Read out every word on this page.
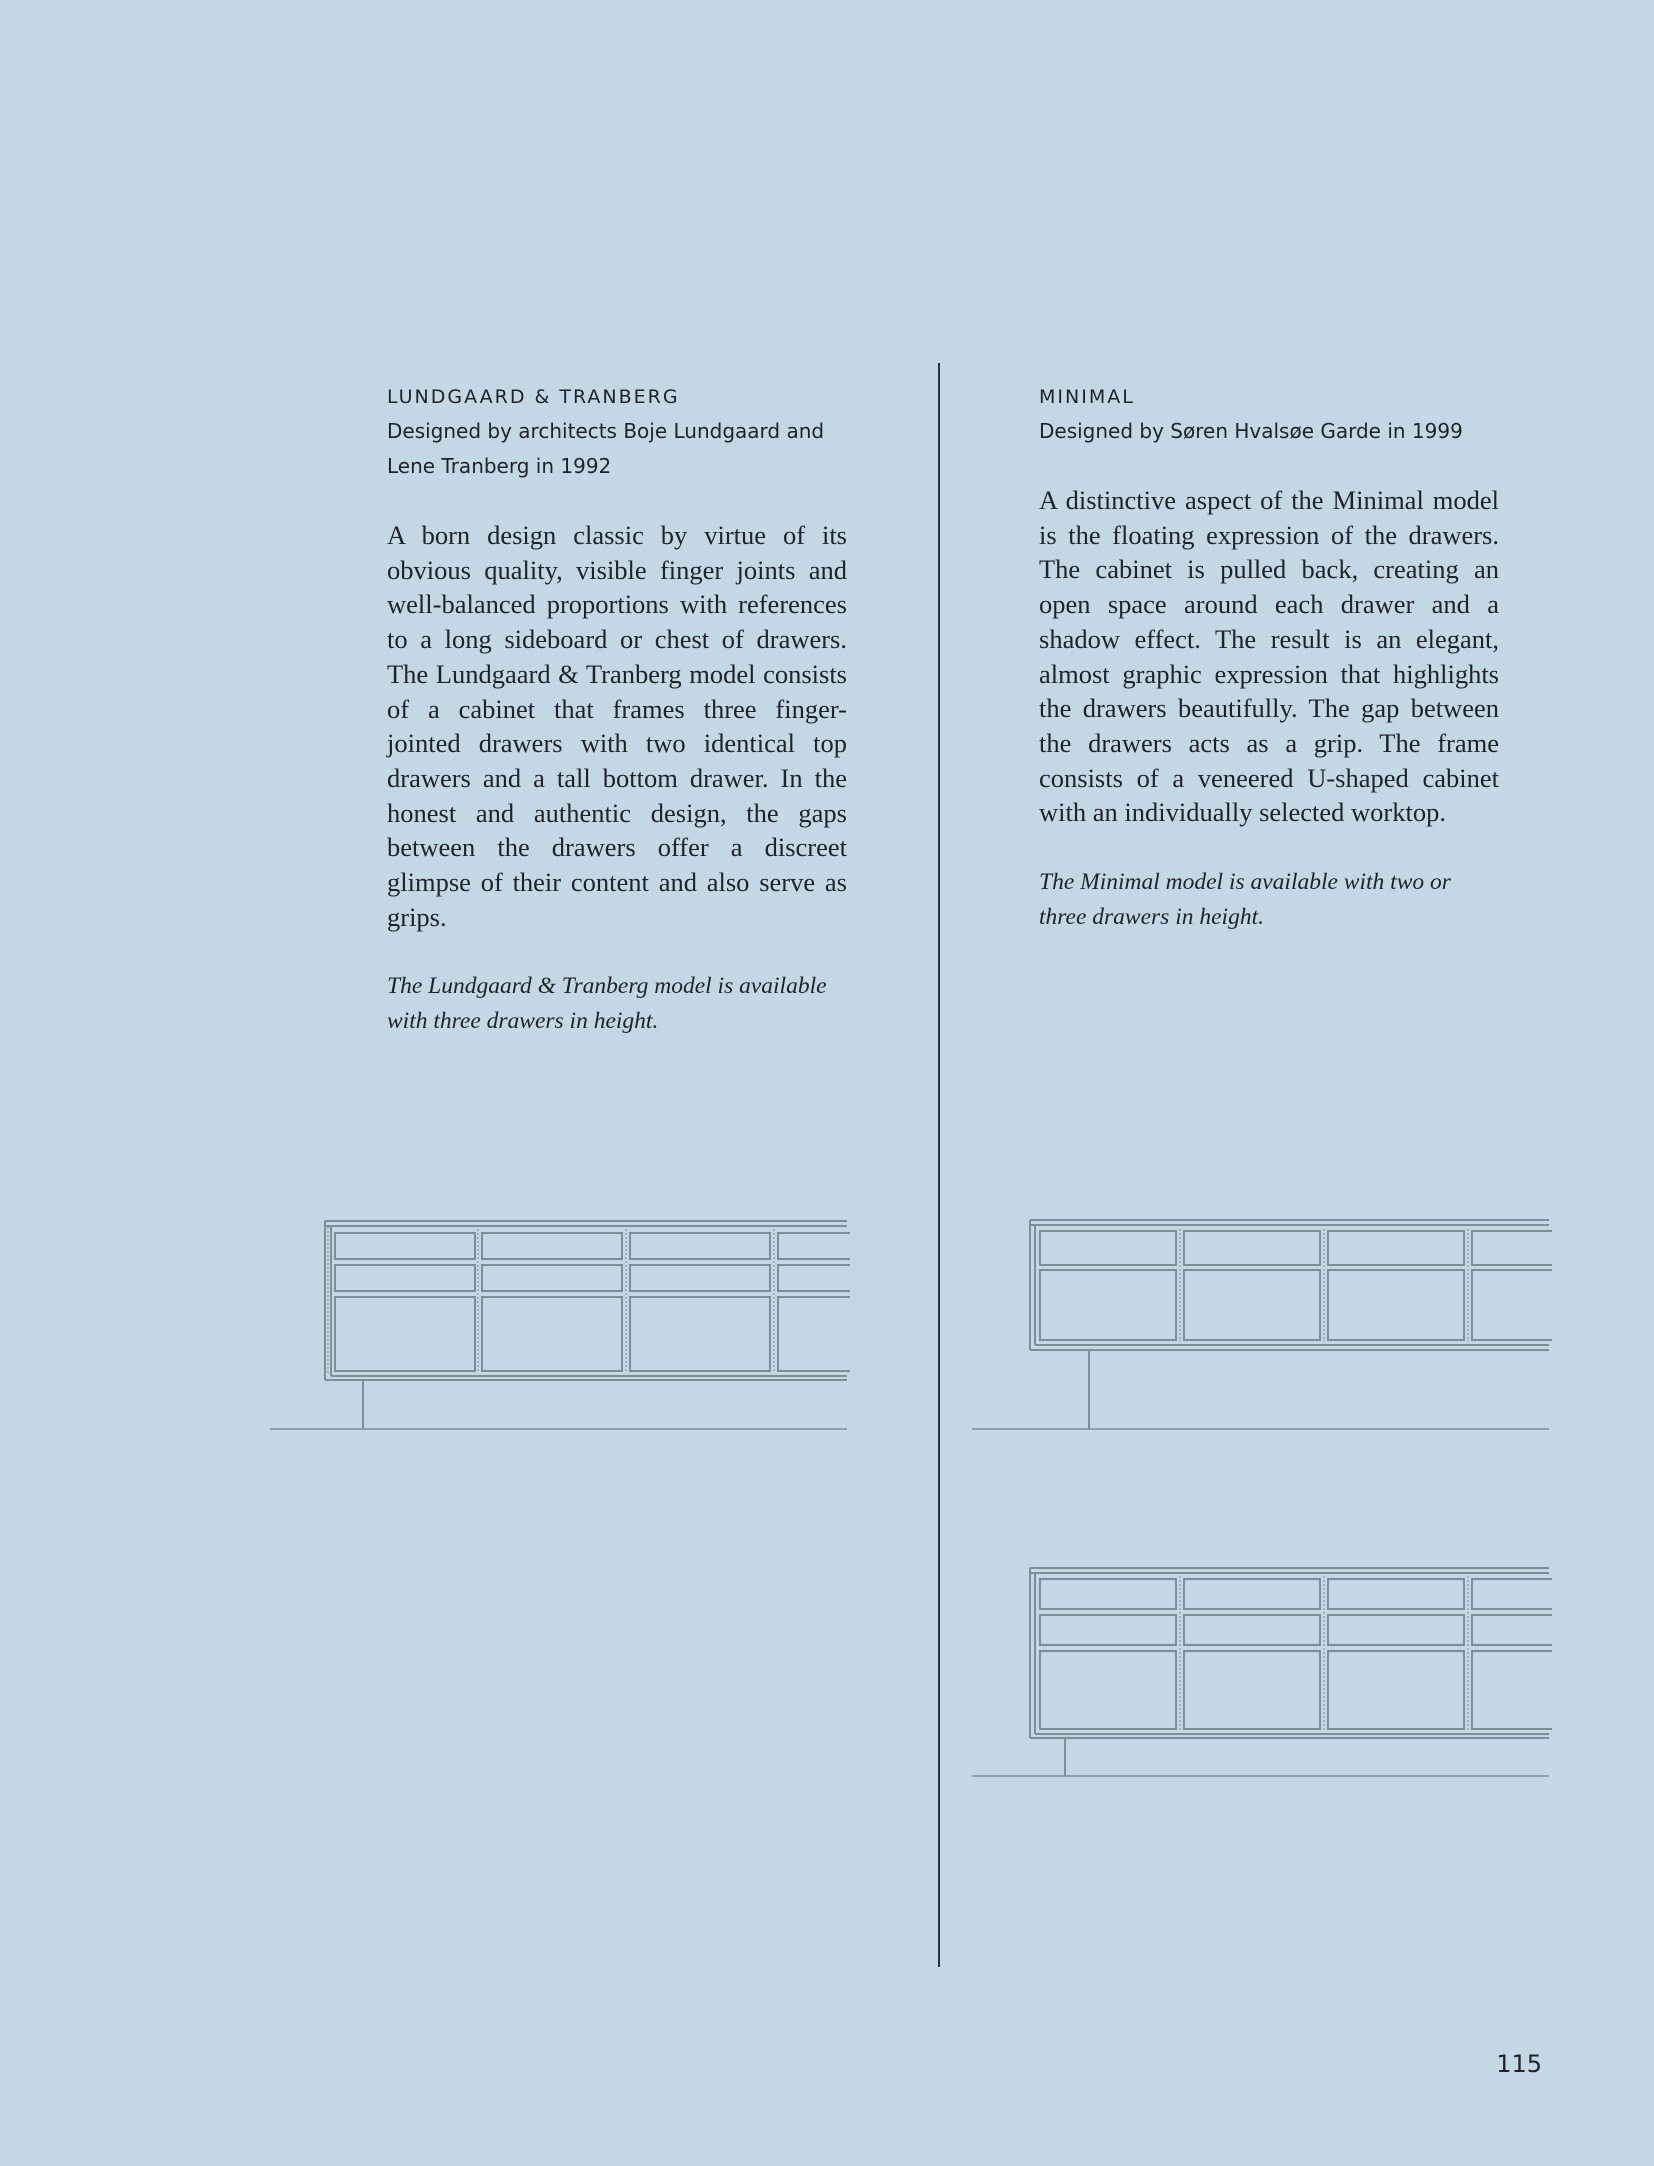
LUNDGAARD & TRANBERG

Designed by architects Boje Lundgaard and Lene Tranberg in 1992

A born design classic by virtue of its obvious quality, visible finger joints and well-balanced proportions with references to a long sideboard or chest of drawers. The Lundgaard & Tranberg model consists of a cabinet that frames three finger-jointed drawers with two identical top drawers and a tall bottom drawer. In the honest and authentic design, the gaps between the drawers offer a discreet glimpse of their content and also serve as grips.

The Lundgaard & Tranberg model is available with three drawers in height.

MINIMAL

Designed by Søren Hvalsøe Garde in 1999

A distinctive aspect of the Minimal model is the floating expression of the drawers. The cabinet is pulled back, creating an open space around each drawer and a shadow effect. The result is an elegant, almost graphic expression that highlights the drawers beautifully. The gap between the drawers acts as a grip. The frame consists of a veneered U-shaped cabinet with an individually selected worktop.

The Minimal model is available with two or three drawers in height.

115
